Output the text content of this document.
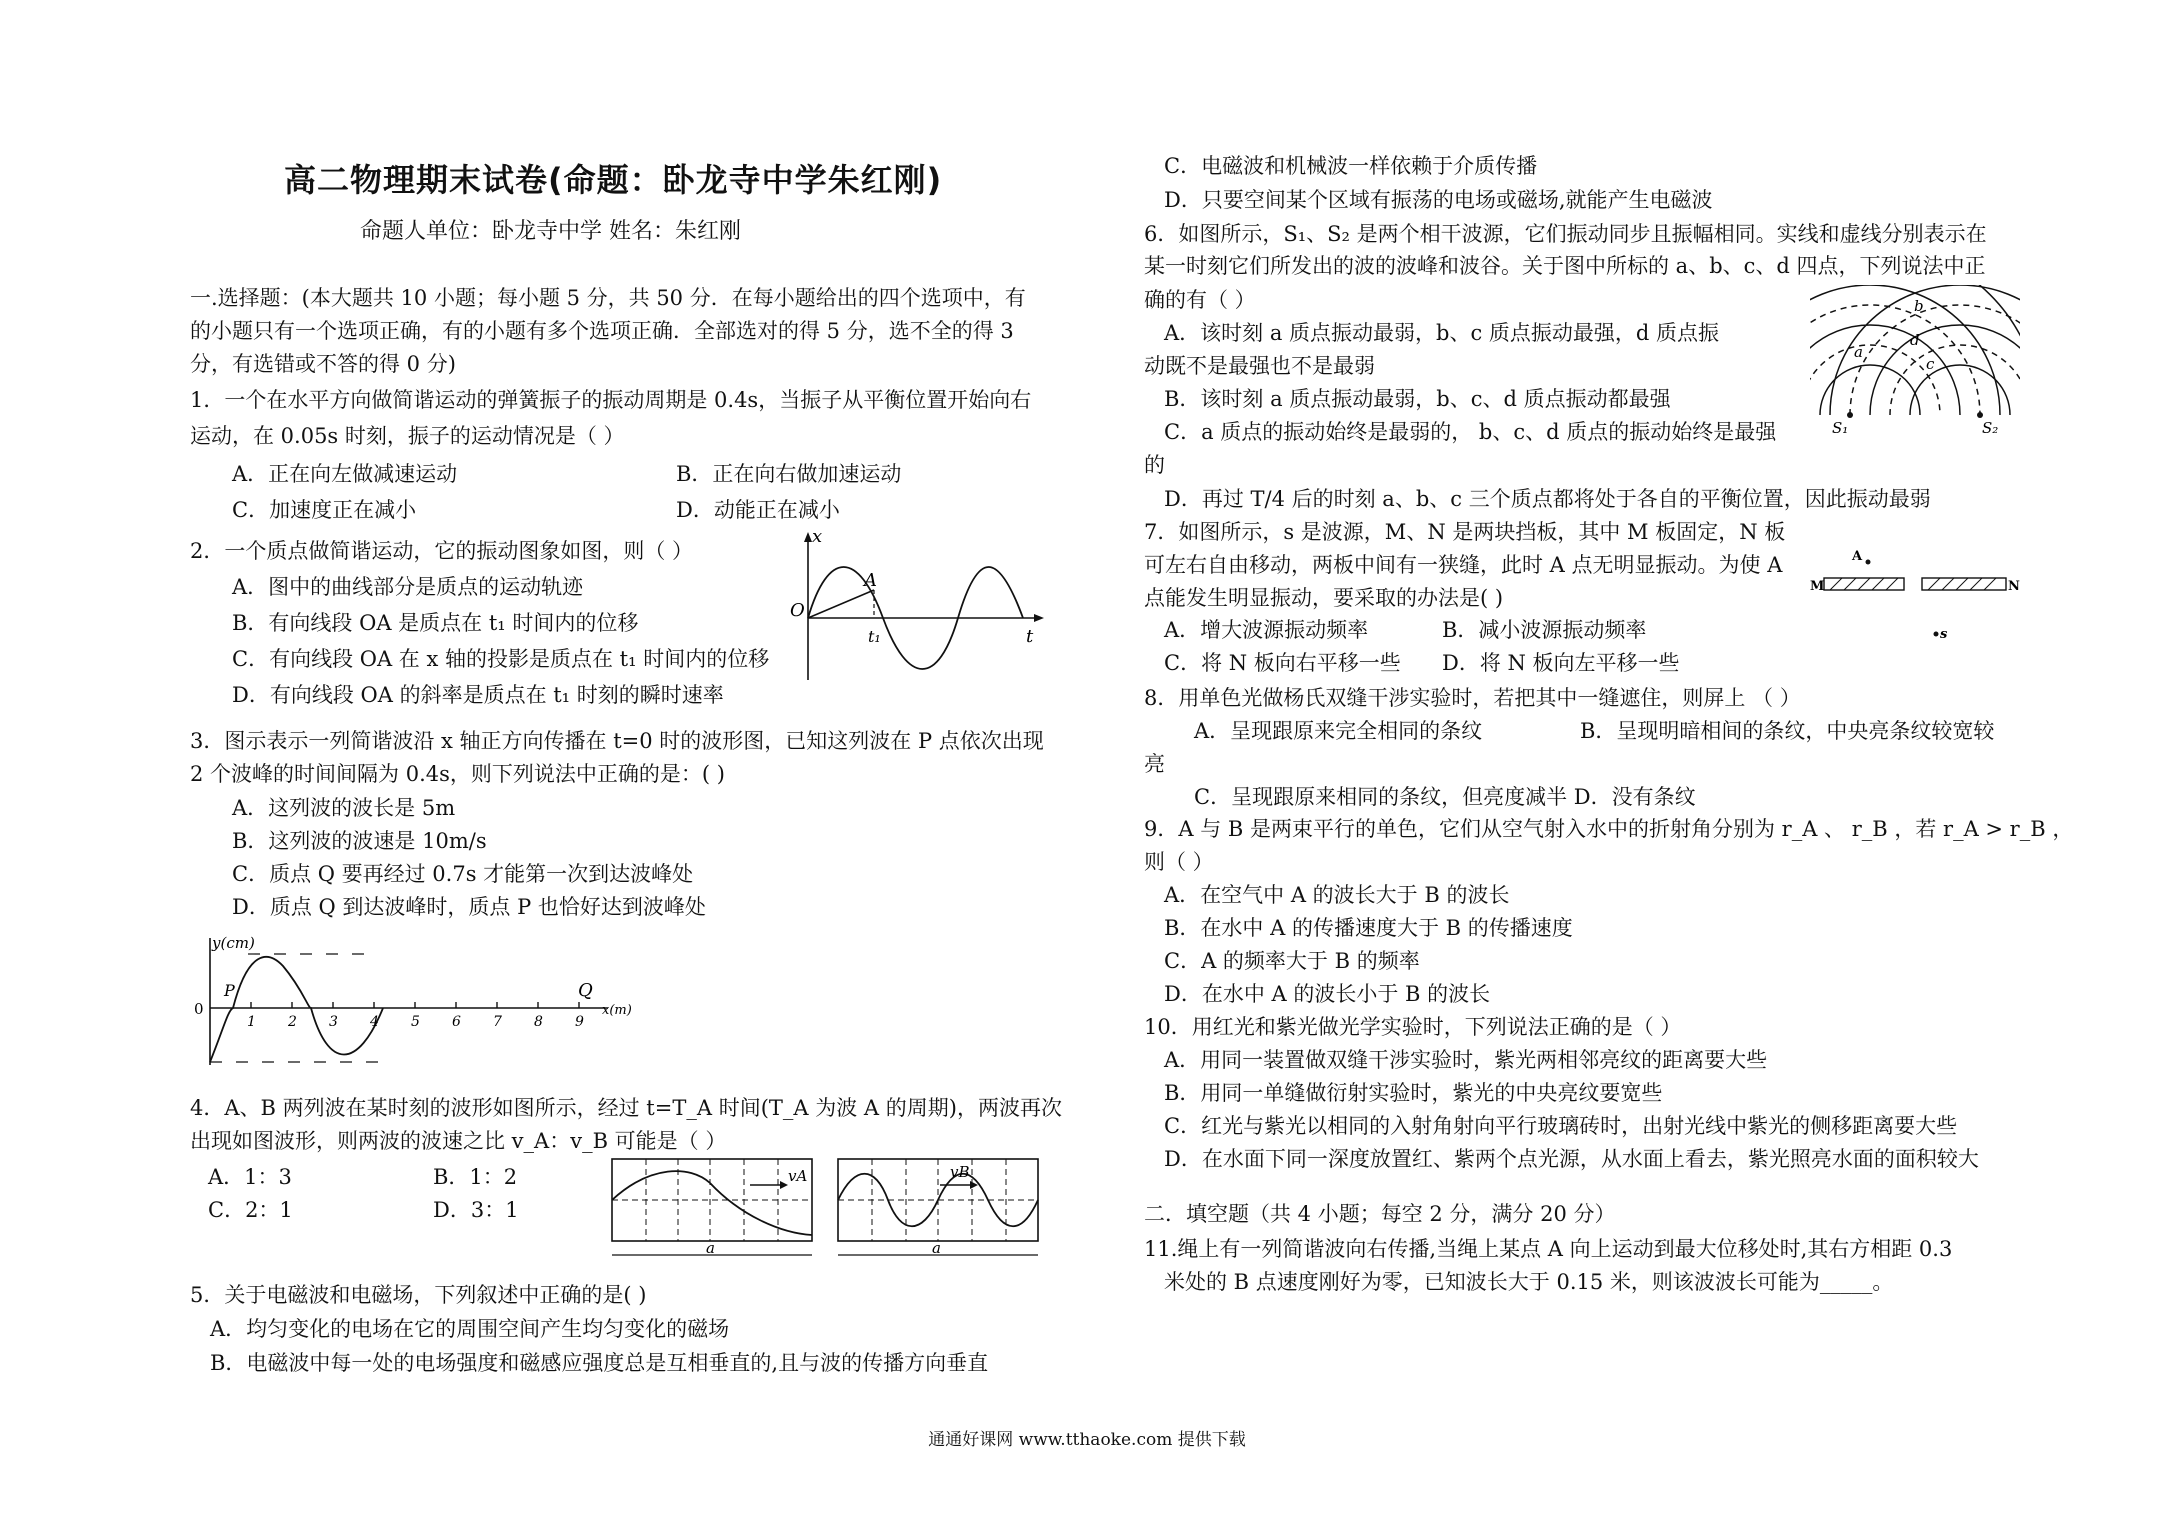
高二物理期末试卷(命题：卧龙寺中学朱红刚)
命题人单位：卧龙寺中学 姓名：朱红刚
一.选择题：(本大题共 10 小题；每小题 5 分，共 50 分．在每小题给出的四个选项中，有
的小题只有一个选项正确，有的小题有多个选项正确．全部选对的得 5 分，选不全的得 3
分，有选错或不答的得 0 分)
1．一个在水平方向做简谐运动的弹簧振子的振动周期是 0.4s，当振子从平衡位置开始向右
运动，在 0.05s 时刻，振子的运动情况是（ ）
A．正在向左做减速运动	B．正在向右做加速运动
C．加速度正在减小	D．动能正在减小
2．一个质点做简谐运动，它的振动图象如图，则（ ）
A．图中的曲线部分是质点的运动轨迹
B．有向线段 OA 是质点在 t₁ 时间内的位移
C．有向线段 OA 在 x 轴的投影是质点在 t₁ 时间内的位移
D．有向线段 OA 的斜率是质点在 t₁ 时刻的瞬时速率
x
O
A
t₁	t
3．图示表示一列简谐波沿 x 轴正方向传播在 t=0 时的波形图，已知这列波在 P 点依次出现
2 个波峰的时间间隔为 0.4s，则下列说法中正确的是：( )
A．这列波的波长是 5m
B．这列波的波速是 10m/s
C．质点 Q 要再经过 0.7s 才能第一次到达波峰处
D．质点 Q 到达波峰时，质点 P 也恰好达到波峰处
y(cm)
0
P	Q
x(m)
1 2 3 4 5 6 7 8 9
4．A、B 两列波在某时刻的波形如图所示，经过 t=T_A 时间(T_A 为波 A 的周期)，两波再次
出现如图波形，则两波的波速之比 v_A：v_B 可能是（ ）
A．1：3	B．1：2
C．2：1	D．3：1
vA	vB
a	a
5．关于电磁波和电磁场，下列叙述中正确的是( )
A．均匀变化的电场在它的周围空间产生均匀变化的磁场
B．电磁波中每一处的电场强度和磁感应强度总是互相垂直的,且与波的传播方向垂直
C．电磁波和机械波一样依赖于介质传播
D．只要空间某个区域有振荡的电场或磁场,就能产生电磁波
6．如图所示，S₁、S₂ 是两个相干波源，它们振动同步且振幅相同。实线和虚线分别表示在
某一时刻它们所发出的波的波峰和波谷。关于图中所标的 a、b、c、d 四点，下列说法中正
确的有（ ）
A．该时刻 a 质点振动最弱，b、c 质点振动最强，d 质点振
动既不是最强也不是最弱
B．该时刻 a 质点振动最弱，b、c、d 质点振动都最强
C．a 质点的振动始终是最弱的， b、c、d 质点的振动始终是最强
的
D．再过 T/4 后的时刻 a、b、c 三个质点都将处于各自的平衡位置，因此振动最弱
S₁	S₂
a
b
c
d
7．如图所示，s 是波源，M、N 是两块挡板，其中 M 板固定，N 板
可左右自由移动，两板中间有一狭缝，此时 A 点无明显振动。为使 A
点能发生明显振动，要采取的办法是( )
A．增大波源振动频率	B．减小波源振动频率
C．将 N 板向右平移一些 D．将 N 板向左平移一些
A
M	N
s
8．用单色光做杨氏双缝干涉实验时，若把其中一缝遮住，则屏上 （ ）
A．呈现跟原来完全相同的条纹	B．呈现明暗相间的条纹，中央亮条纹较宽较
亮
C．呈现跟原来相同的条纹，但亮度减半 D．没有条纹
9．A 与 B 是两束平行的单色，它们从空气射入水中的折射角分别为 r_A 、 r_B ，若 r_A > r_B ，
则（ ）
A．在空气中 A 的波长大于 B 的波长
B．在水中 A 的传播速度大于 B 的传播速度
C．A 的频率大于 B 的频率
D．在水中 A 的波长小于 B 的波长
10．用红光和紫光做光学实验时，下列说法正确的是（ ）
A．用同一装置做双缝干涉实验时，紫光两相邻亮纹的距离要大些
B．用同一单缝做衍射实验时，紫光的中央亮纹要宽些
C．红光与紫光以相同的入射角射向平行玻璃砖时，出射光线中紫光的侧移距离要大些
D．在水面下同一深度放置红、紫两个点光源，从水面上看去，紫光照亮水面的面积较大
二．填空题（共 4 小题；每空 2 分，满分 20 分）
11.绳上有一列简谐波向右传播,当绳上某点 A 向上运动到最大位移处时,其右方相距 0.3
米处的 B 点速度刚好为零，已知波长大于 0.15 米，则该波波长可能为_____。
通通好课网 www.tthaoke.com 提供下载
